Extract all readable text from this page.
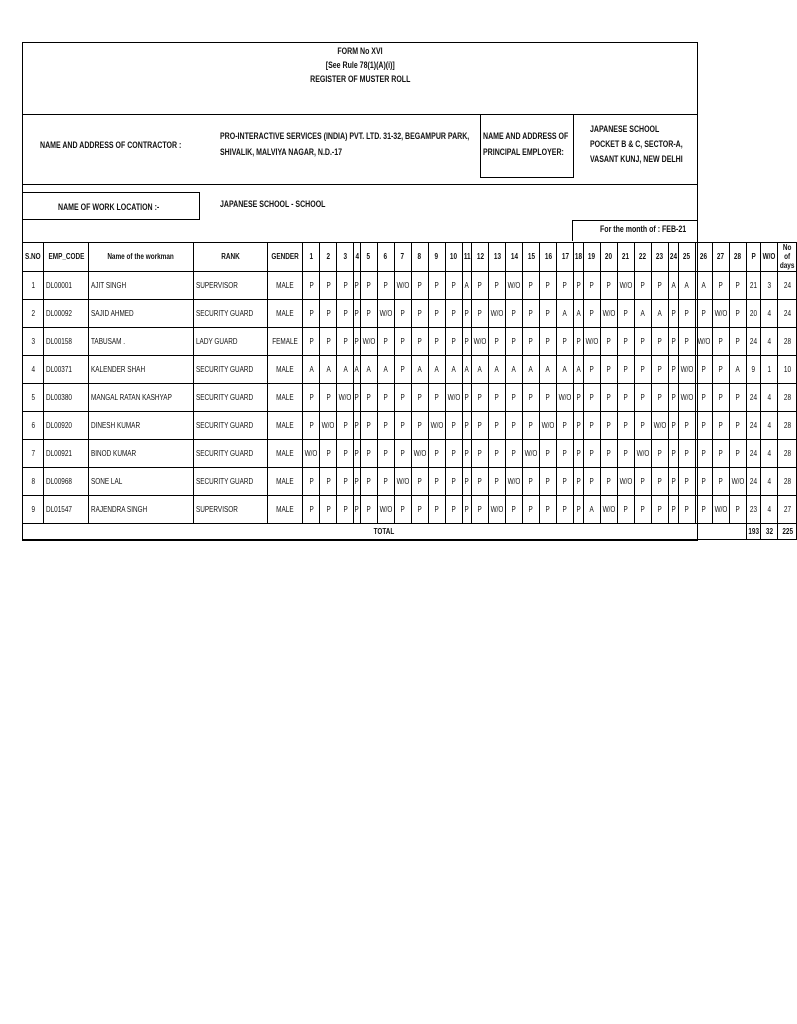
FORM No XVI
[See Rule 78(1)(A)(i)]
REGISTER OF MUSTER ROLL
NAME AND ADDRESS OF CONTRACTOR :
PRO-INTERACTIVE SERVICES (INDIA) PVT. LTD. 31-32, BEGAMPUR PARK,
SHIVALIK, MALVIYA NAGAR, N.D.-17
NAME AND ADDRESS OF
PRINCIPAL EMPLOYER:
JAPANESE SCHOOL
POCKET B & C, SECTOR-A,
VASANT KUNJ, NEW DELHI
NAME OF WORK LOCATION :-	JAPANESE SCHOOL - SCHOOL
For the month of : FEB-21
S.NO	EMP_CODE	Name of the workman	RANK	GENDER	1	2	3	4	5	6	7	8	9	10	11	12	13	14	15	16	17	18	19	20	21	22	23	24	25	26	27	28	P	W/O	No of days
1	DL00001	AJIT SINGH	SUPERVISOR	MALE	P	P	P	P	P	P	W/O	P	P	P	A	P	P	W/O	P	P	P	P	P	P	W/O	P	P	A	A	A	P	P	21	3	24
2	DL00092	SAJID AHMED	SECURITY GUARD	MALE	P	P	P	P	P	W/O	P	P	P	P	P	P	W/O	P	P	P	A	A	P	W/O	P	A	A	P	P	P	W/O	P	20	4	24
3	DL00158	TABUSAM .	LADY GUARD	FEMALE	P	P	P	P	W/O	P	P	P	P	P	P	W/O	P	P	P	P	P	P	W/O	P	P	P	P	P	P	W/O	P	P	24	4	28
4	DL00371	KALENDER SHAH	SECURITY GUARD	MALE	A	A	A	A	A	A	P	A	A	A	A	A	A	A	A	A	A	A	P	P	P	P	P	P	W/O	P	P	A	9	1	10
5	DL00380	MANGAL RATAN KASHYAP	SECURITY GUARD	MALE	P	P	W/O	P	P	P	P	P	P	W/O	P	P	P	P	P	P	W/O	P	P	P	P	P	P	P	W/O	P	P	P	24	4	28
6	DL00920	DINESH KUMAR	SECURITY GUARD	MALE	P	W/O	P	P	P	P	P	P	W/O	P	P	P	P	P	P	W/O	P	P	P	P	P	P	W/O	P	P	P	P	P	24	4	28
7	DL00921	BINOD KUMAR	SECURITY GUARD	MALE	W/O	P	P	P	P	P	P	W/O	P	P	P	P	P	P	W/O	P	P	P	P	P	P	W/O	P	P	P	P	P	P	24	4	28
8	DL00968	SONE LAL	SECURITY GUARD	MALE	P	P	P	P	P	P	W/O	P	P	P	P	P	P	W/O	P	P	P	P	P	P	W/O	P	P	P	P	P	P	W/O	24	4	28
9	DL01547	RAJENDRA SINGH	SUPERVISOR	MALE	P	P	P	P	P	W/O	P	P	P	P	P	P	W/O	P	P	P	P	P	A	W/O	P	P	P	P	P	P	W/O	P	23	4	27
TOTAL																																	193	32	225
